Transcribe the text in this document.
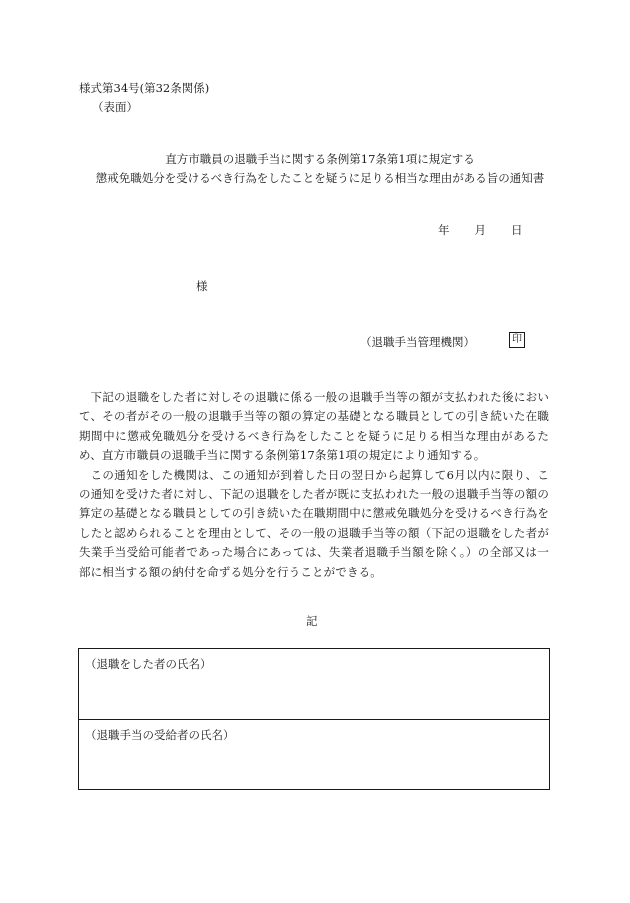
様式第34号(第32条関係)
（表面）
直方市職員の退職手当に関する条例第17条第1項に規定する
懲戒免職処分を受けるべき行為をしたことを疑うに足りる相当な理由がある旨の通知書
年 月 日
様
（退職手当管理機関）	印

下記の退職をした者に対しその退職に係る一般の退職手当等の額が支払われた後において、その者がその一般の退職手当等の額の算定の基礎となる職員としての引き続いた在職期間中に懲戒免職処分を受けるべき行為をしたことを疑うに足りる相当な理由があるため、直方市職員の退職手当に関する条例第17条第1項の規定により通知する。

この通知をした機関は、この通知が到着した日の翌日から起算して6月以内に限り、この通知を受けた者に対し、下記の退職をした者が既に支払われた一般の退職手当等の額の算定の基礎となる職員としての引き続いた在職期間中に懲戒免職処分を受けるべき行為をしたと認められることを理由として、その一般の退職手当等の額（下記の退職をした者が失業手当受給可能者であった場合にあっては、失業者退職手当額を除く。）の全部又は一部に相当する額の納付を命ずる処分を行うことができる。

記
（退職をした者の氏名）
（退職手当の受給者の氏名）
